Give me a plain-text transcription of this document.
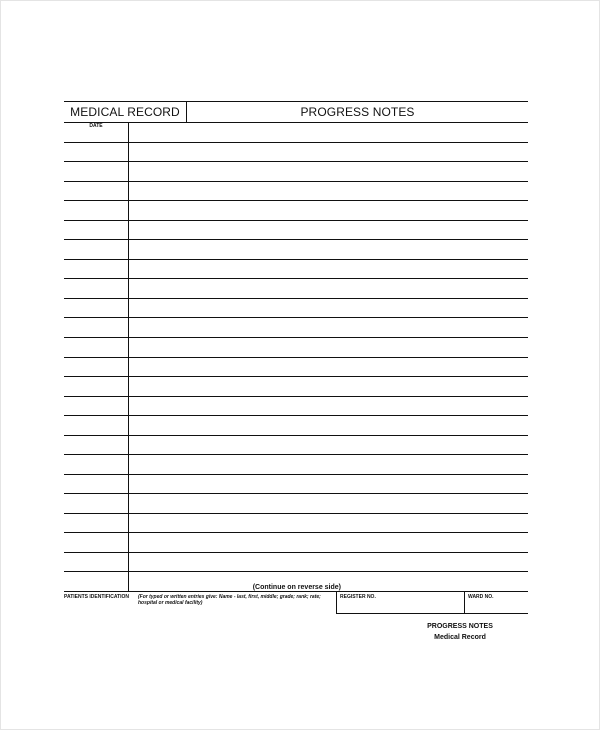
MEDICAL RECORD	PROGRESS NOTES
DATE
(Continue on reverse side)
PATIENTS IDENTIFICATION (For typed or written entries give: Name - last, first, middle; grade; rank; rate; hospital or medical facility)
REGISTER NO.	WARD NO.
PROGRESS NOTES
Medical Record
